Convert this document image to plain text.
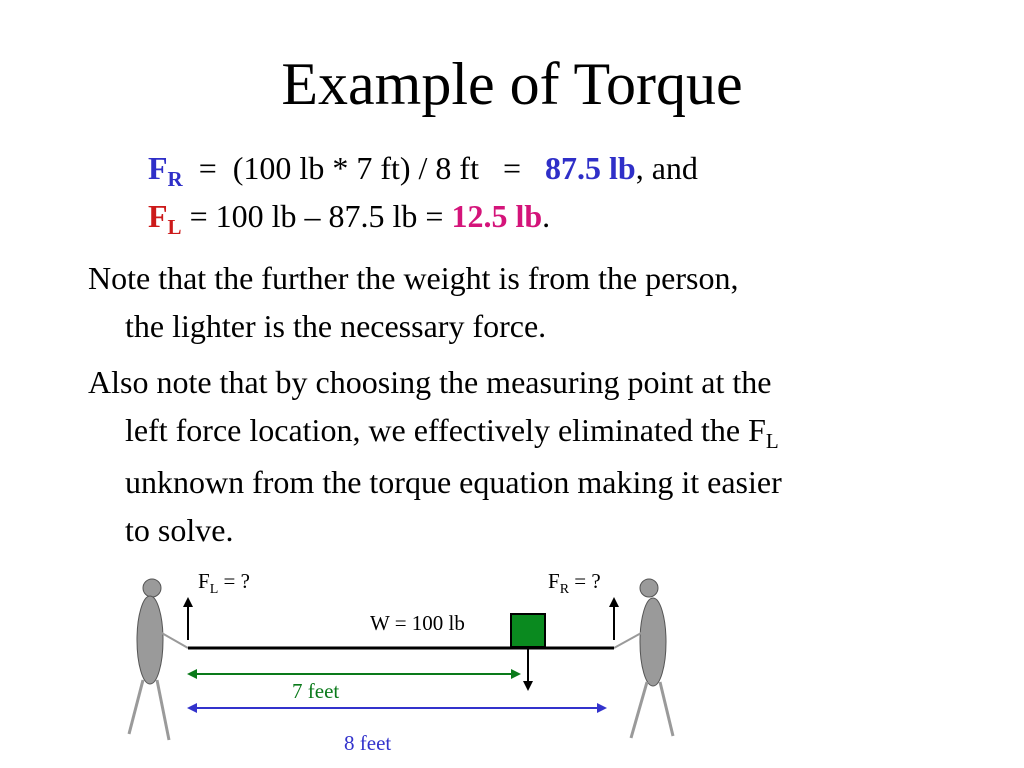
Example of Torque
$F_R = (100$ lb * 7 ft) / 8 ft   =   87.5 lb, and
$F_L = 100$ lb – 87.5 lb = 12.5 lb.
Note that the further the weight is from the person,
the lighter is the necessary force.
Also note that by choosing the measuring point at the
left force location, we effectively eliminated the $F_L$
unknown from the torque equation making it easier
to solve.
$F_L$ = ?	$F_R$ = ?
W = 100 lb
7 feet
8 feet
